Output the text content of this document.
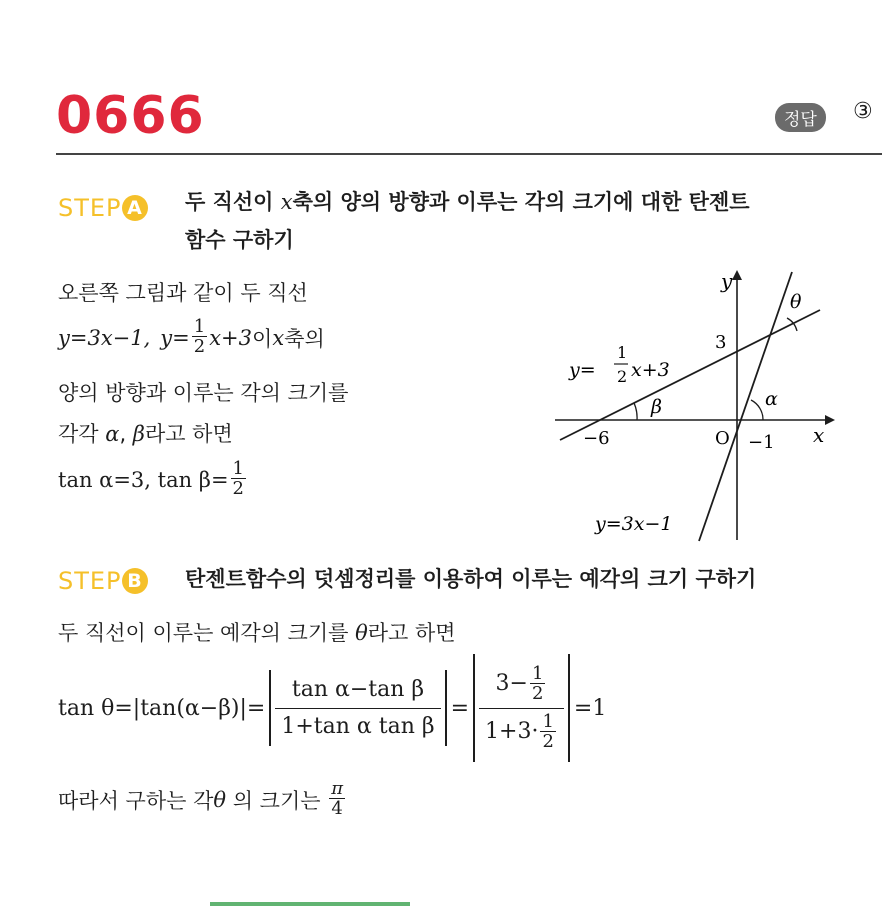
0666	정답	③
STEP A 두 직선이 x축의 양의 방향과 이루는 각의 크기에 대한 탄젠트
함수 구하기
오른쪽 그림과 같이 두 직선
y=3x−1, $y= \frac{1}{2} x+3$ 이 x 축의
양의 방향과 이루는 각의 크기를
각각 α, β라고 하면
tan α=3, $\tan \beta= \frac{1}{2}$
y
x
3
−6	O −1
θ
β	α
y=
1
2 x+3
y=3x−1
STEP B 탄젠트함수의 덧셈정리를 이용하여 이루는 예각의 크기 구하기
두 직선이 이루는 예각의 크기를 θ라고 하면
$\tan \theta=|\tan(\alpha-\beta)|= \frac{\text{tan α−tan β}}{\text{1+tan α tan β}} = \frac{3- \frac{1}{2}}{1+3\cdot \frac{1}{2}} =1$
따라서 구하는 각 θ 의 크기는 $\frac{\pi}{4}$
